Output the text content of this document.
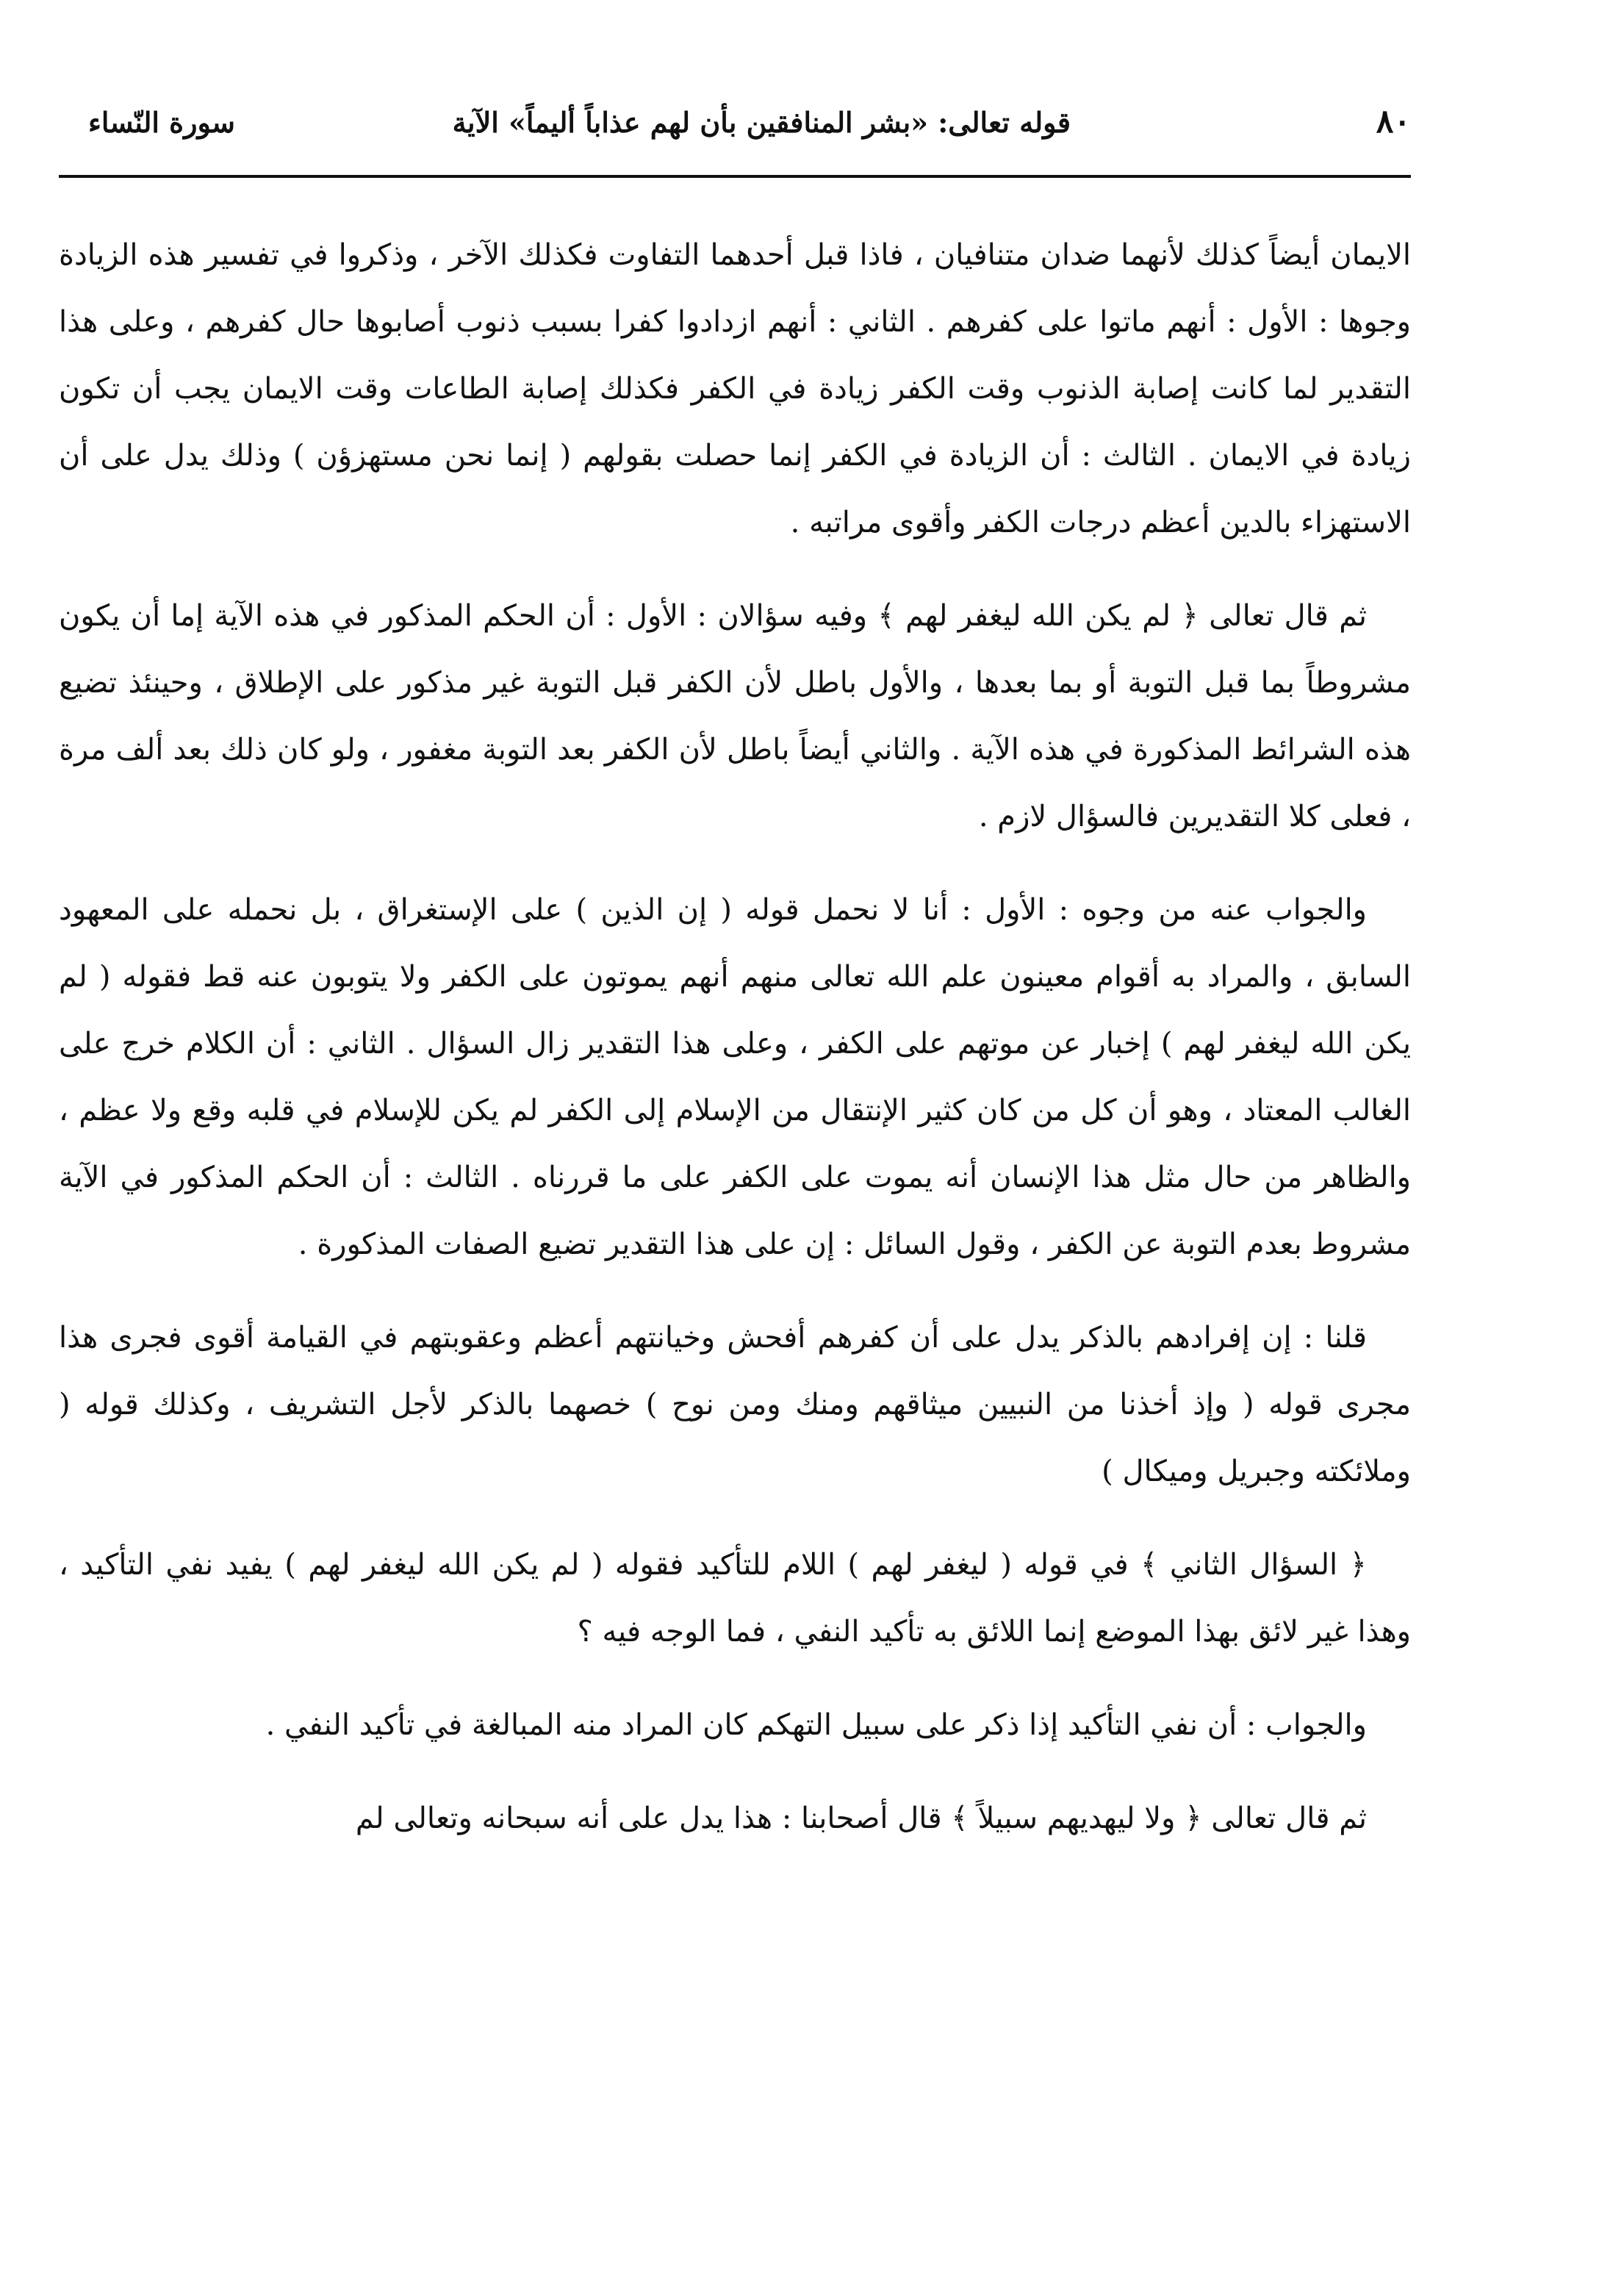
٨٠
قوله تعالى: «بشر المنافقين بأن لهم عذاباً أليماً» الآية
سورة النّساء

الايمان أيضاً كذلك لأنهما ضدان متنافيان ، فاذا قبل أحدهما التفاوت فكذلك الآخر ، وذكروا في تفسير هذه الزيادة وجوها : الأول : أنهم ماتوا على كفرهم . الثاني : أنهم ازدادوا كفرا بسبب ذنوب أصابوها حال كفرهم ، وعلى هذا التقدير لما كانت إصابة الذنوب وقت الكفر زيادة في الكفر فكذلك إصابة الطاعات وقت الايمان يجب أن تكون زيادة في الايمان . الثالث : أن الزيادة في الكفر إنما حصلت بقولهم ( إنما نحن مستهزؤن ) وذلك يدل على أن الاستهزاء بالدين أعظم درجات الكفر وأقوى مراتبه .

ثم قال تعالى ﴿ لم يكن الله ليغفر لهم ﴾ وفيه سؤالان : الأول : أن الحكم المذكور في هذه الآية إما أن يكون مشروطاً بما قبل التوبة أو بما بعدها ، والأول باطل لأن الكفر قبل التوبة غير مذكور على الإطلاق ، وحينئذ تضيع هذه الشرائط المذكورة في هذه الآية . والثاني أيضاً باطل لأن الكفر بعد التوبة مغفور ، ولو كان ذلك بعد ألف مرة ، فعلى كلا التقديرين فالسؤال لازم .

والجواب عنه من وجوه : الأول : أنا لا نحمل قوله ( إن الذين ) على الإستغراق ، بل نحمله على المعهود السابق ، والمراد به أقوام معينون علم الله تعالى منهم أنهم يموتون على الكفر ولا يتوبون عنه قط فقوله ( لم يكن الله ليغفر لهم ) إخبار عن موتهم على الكفر ، وعلى هذا التقدير زال السؤال . الثاني : أن الكلام خرج على الغالب المعتاد ، وهو أن كل من كان كثير الإنتقال من الإسلام إلى الكفر لم يكن للإسلام في قلبه وقع ولا عظم ، والظاهر من حال مثل هذا الإنسان أنه يموت على الكفر على ما قررناه . الثالث : أن الحكم المذكور في الآية مشروط بعدم التوبة عن الكفر ، وقول السائل : إن على هذا التقدير تضيع الصفات المذكورة .

قلنا : إن إفرادهم بالذكر يدل على أن كفرهم أفحش وخيانتهم أعظم وعقوبتهم في القيامة أقوى فجرى هذا مجرى قوله ( وإذ أخذنا من النبيين ميثاقهم ومنك ومن نوح ) خصهما بالذكر لأجل التشريف ، وكذلك قوله ( وملائكته وجبريل وميكال )

﴿ السؤال الثاني ﴾ في قوله ( ليغفر لهم ) اللام للتأكيد فقوله ( لم يكن الله ليغفر لهم ) يفيد نفي التأكيد ، وهذا غير لائق بهذا الموضع إنما اللائق به تأكيد النفي ، فما الوجه فيه ؟

والجواب : أن نفي التأكيد إذا ذكر على سبيل التهكم كان المراد منه المبالغة في تأكيد النفي .

ثم قال تعالى ﴿ ولا ليهديهم سبيلاً ﴾ قال أصحابنا : هذا يدل على أنه سبحانه وتعالى لم
